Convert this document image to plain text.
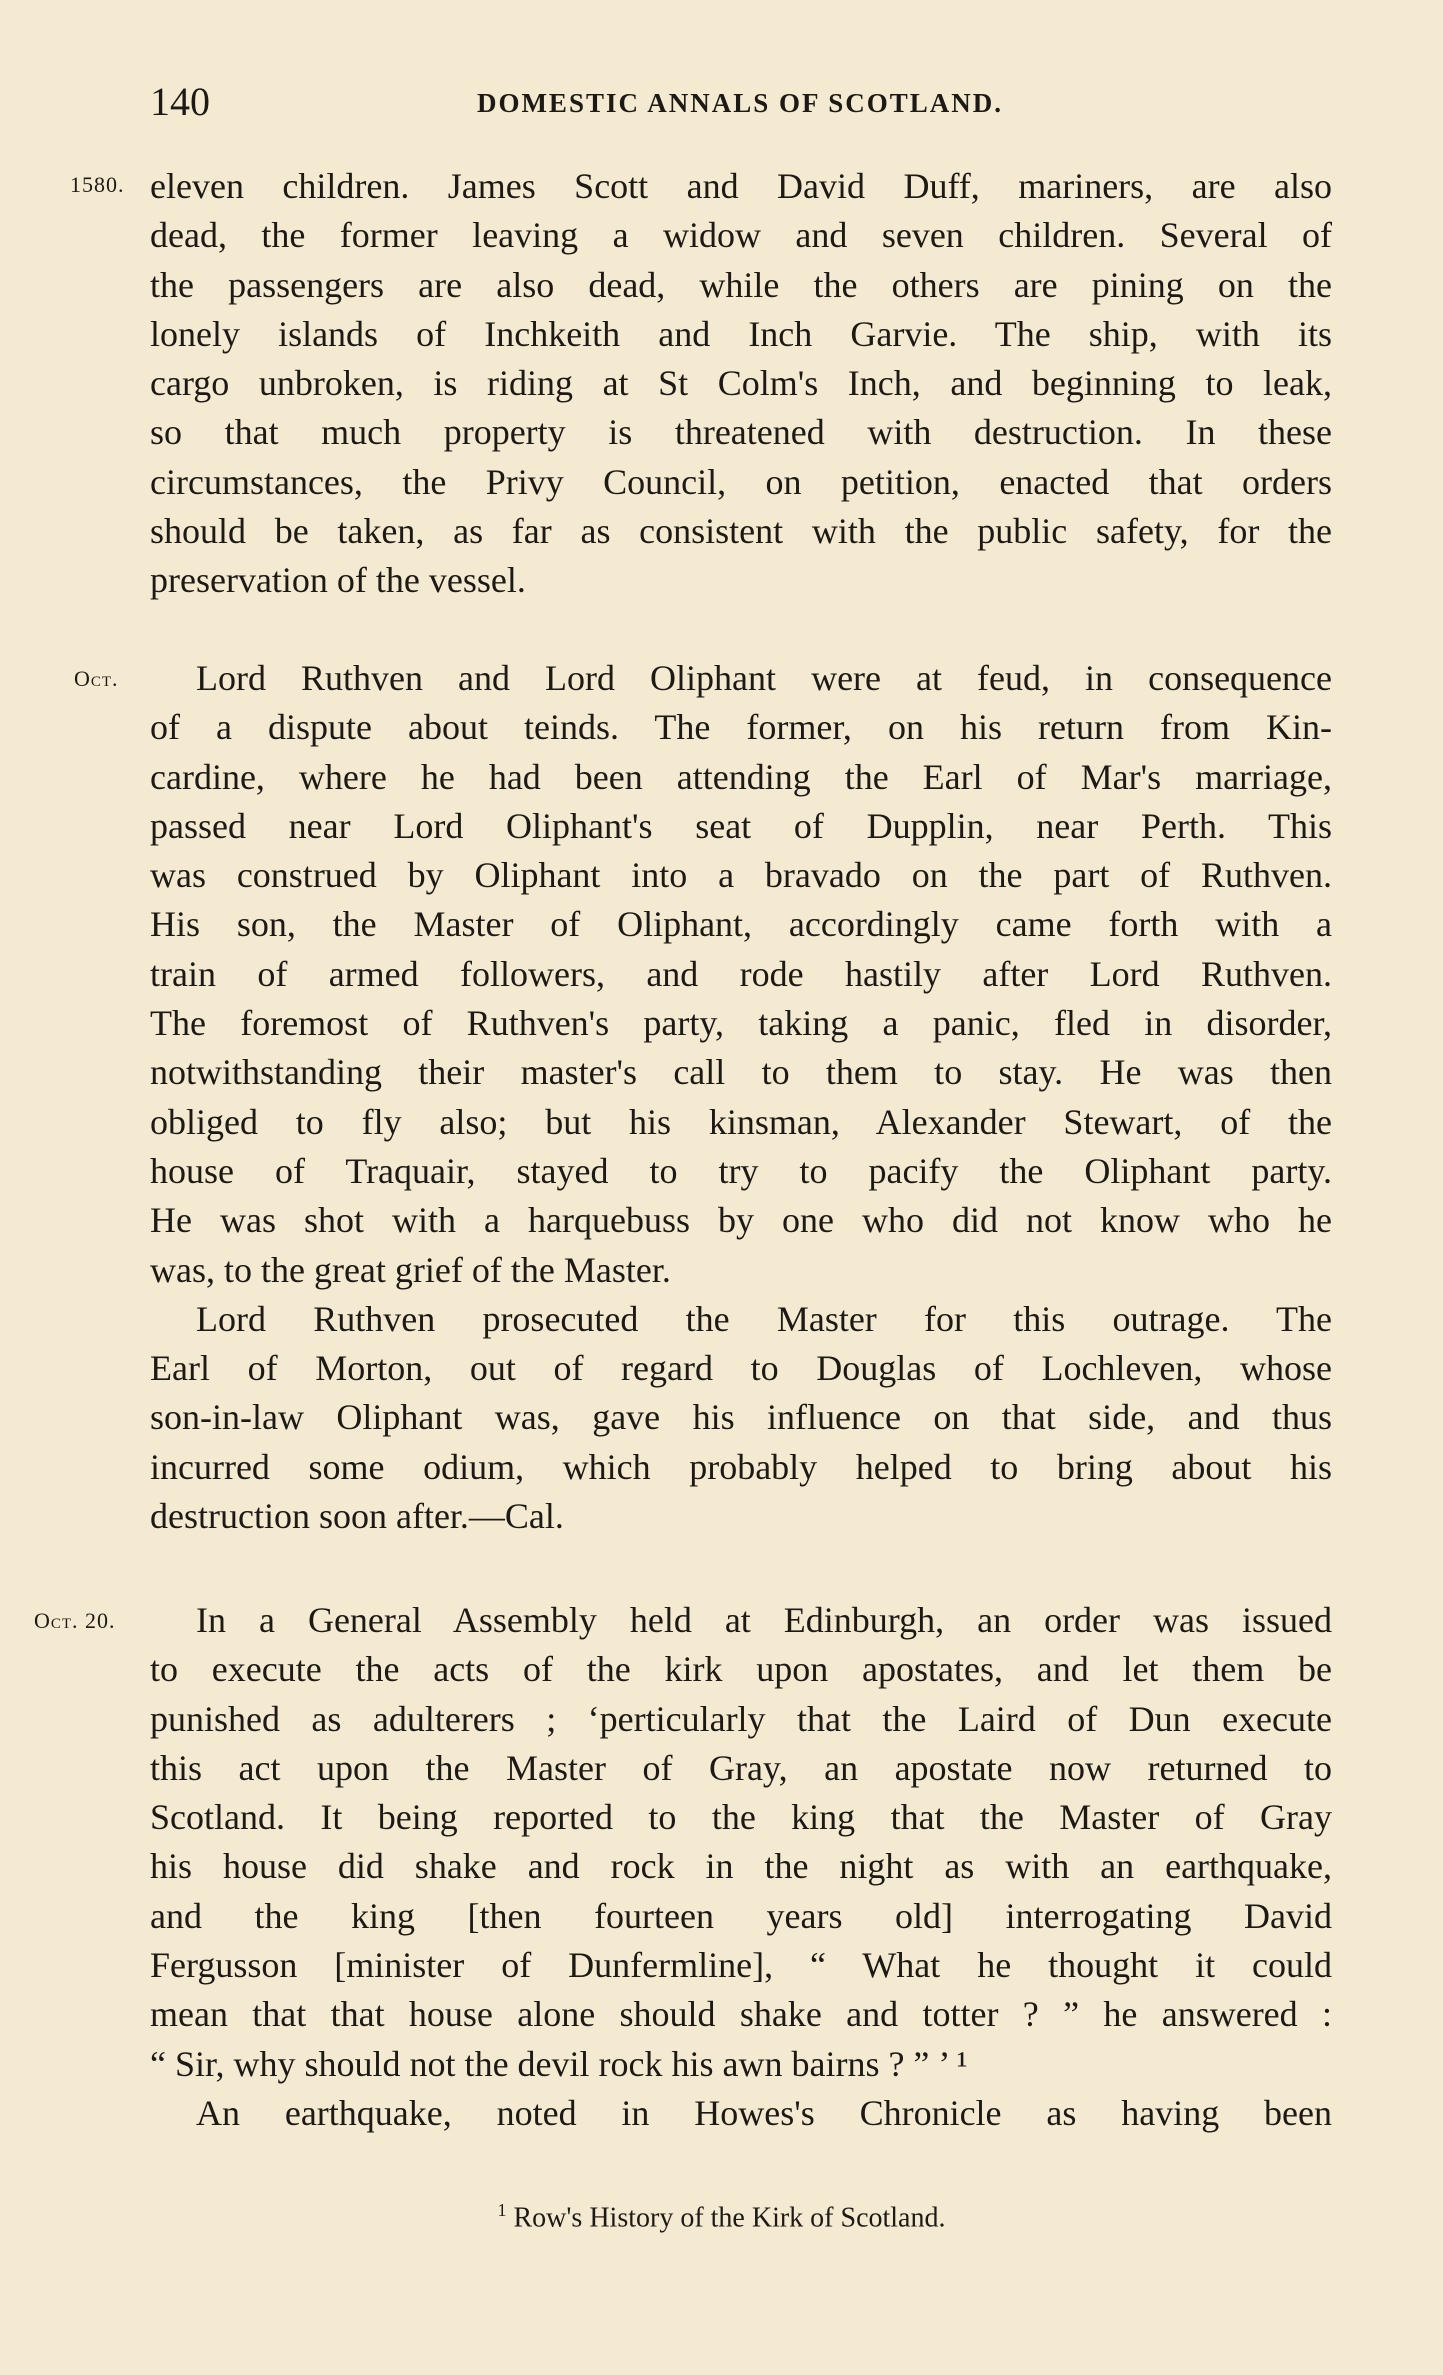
140	DOMESTIC ANNALS OF SCOTLAND.
1580. eleven children. James Scott and David Duff, mariners, are also
dead, the former leaving a widow and seven children. Several of
the passengers are also dead, while the others are pining on the
lonely islands of Inchkeith and Inch Garvie. The ship, with its
cargo unbroken, is riding at St Colm's Inch, and beginning to leak,
so that much property is threatened with destruction. In these
circumstances, the Privy Council, on petition, enacted that orders
should be taken, as far as consistent with the public safety, for the
preservation of the vessel.
Oct.	Lord Ruthven and Lord Oliphant were at feud, in consequence
of a dispute about teinds. The former, on his return from Kin-
cardine, where he had been attending the Earl of Mar's marriage,
passed near Lord Oliphant's seat of Dupplin, near Perth. This
was construed by Oliphant into a bravado on the part of Ruthven.
His son, the Master of Oliphant, accordingly came forth with a
train of armed followers, and rode hastily after Lord Ruthven.
The foremost of Ruthven's party, taking a panic, fled in disorder,
notwithstanding their master's call to them to stay. He was then
obliged to fly also; but his kinsman, Alexander Stewart, of the
house of Traquair, stayed to try to pacify the Oliphant party.
He was shot with a harquebuss by one who did not know who he
was, to the great grief of the Master.
Lord Ruthven prosecuted the Master for this outrage. The
Earl of Morton, out of regard to Douglas of Lochleven, whose
son-in-law Oliphant was, gave his influence on that side, and thus
incurred some odium, which probably helped to bring about his
destruction soon after.—Cal.
Oct. 20.	In a General Assembly held at Edinburgh, an order was issued
to execute the acts of the kirk upon apostates, and let them be
punished as adulterers ; ‘perticularly that the Laird of Dun execute
this act upon the Master of Gray, an apostate now returned to
Scotland. It being reported to the king that the Master of Gray
his house did shake and rock in the night as with an earthquake,
and the king [then fourteen years old] interrogating David
Fergusson [minister of Dunfermline], “ What he thought it could
mean that that house alone should shake and totter ? ” he answered :
“ Sir, why should not the devil rock his awn bairns ? ” ’ ¹
An earthquake, noted in Howes's Chronicle as having been
$^1$ Row's History of the Kirk of Scotland.
